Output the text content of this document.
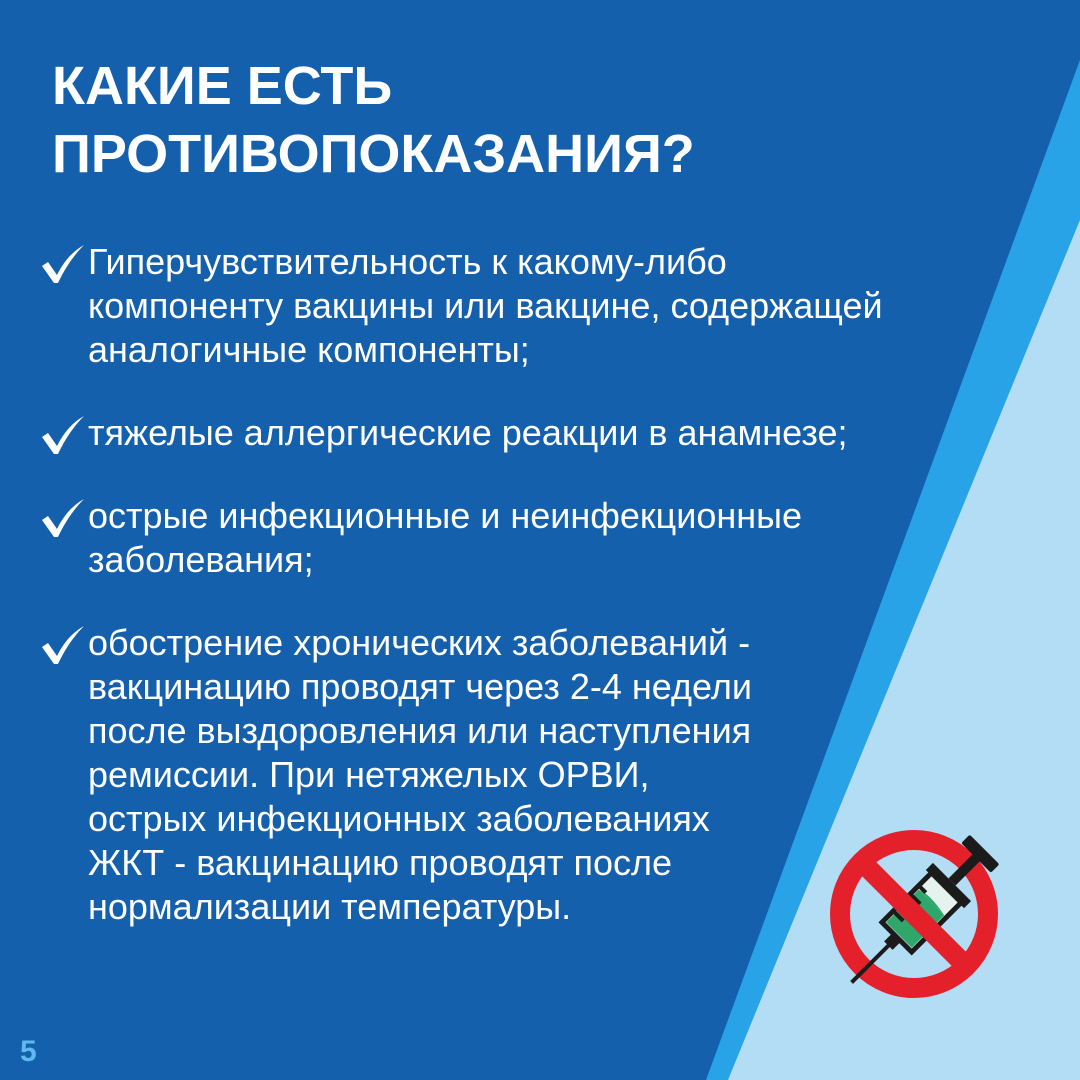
КАКИЕ ЕСТЬ
ПРОТИВОПОКАЗАНИЯ?
Гиперчувствительность к какому-либо
компоненту вакцины или вакцине, содержащей
аналогичные компоненты;
тяжелые аллергические реакции в анамнезе;
острые инфекционные и неинфекционные
заболевания;
обострение хронических заболеваний -
вакцинацию проводят через 2-4 недели
после выздоровления или наступления
ремиссии. При нетяжелых ОРВИ,
острых инфекционных заболеваниях
ЖКТ - вакцинацию проводят после
нормализации температуры.
5
